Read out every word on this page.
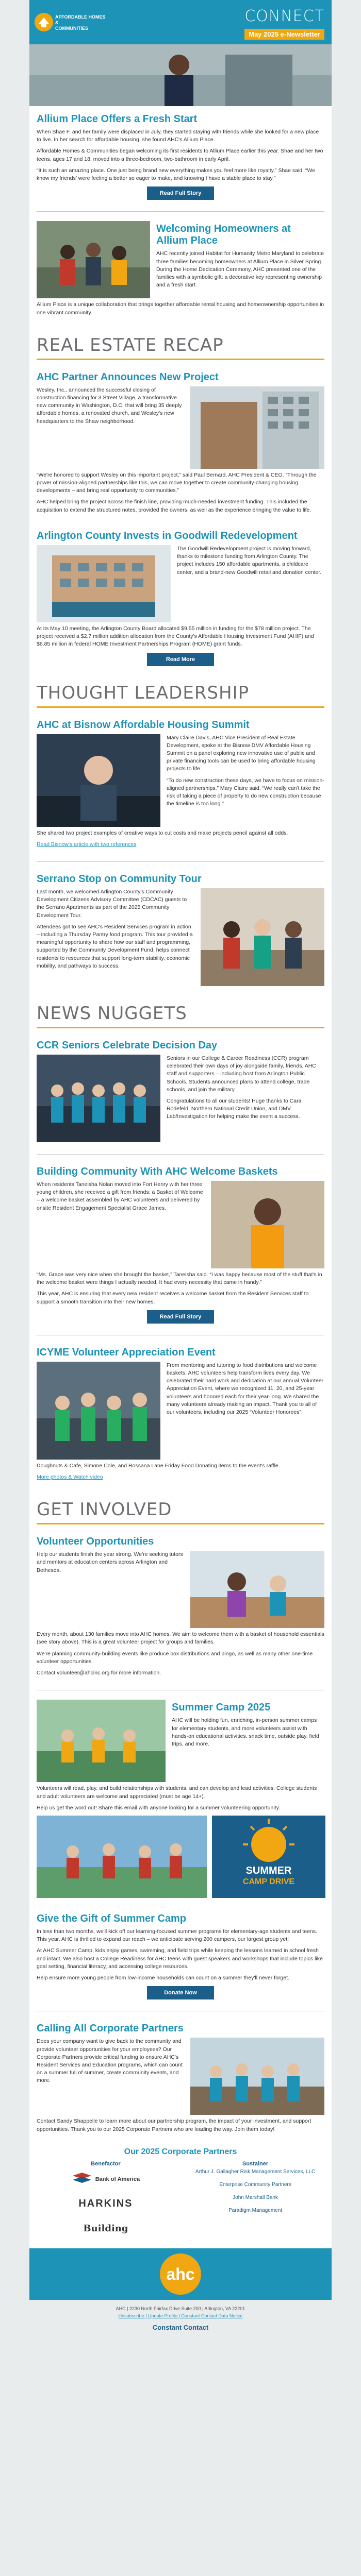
AFFORDABLE HOMES &
COMMUNITIES
CONNECT
May 2025 e-Newsletter
Allium Place Offers a Fresh Start

When Shae F. and her family were displaced in July, they started staying with friends while she looked for a new place to live. In her search for affordable housing, she found AHC's Allium Place.

Affordable Homes & Communities began welcoming its first residents to Allium Place earlier this year. Shae and her two teens, ages 17 and 18, moved into a three-bedroom, two-bathroom in early April.

“It is such an amazing place. One just being brand new everything makes you feel more like royalty,” Shae said. “We know my friends’ were feeling a better so eager to make, and knowing I have a stable place to stay.”

Read Full Story
Welcoming Homeowners at Allium Place

AHC recently joined Habitat for Humanity Metro Maryland to celebrate three families becoming homeowners at Allium Place in Silver Spring. During the Home Dedication Ceremony, AHC presented one of the families with a symbolic gift: a decorative key representing ownership and a fresh start.

Allium Place is a unique collaboration that brings together affordable rental housing and homeownership opportunities in one vibrant community.

REAL ESTATE RECAP
AHC Partner Announces New Project

Wesley, Inc., announced the successful closing of construction financing for 3 Street Village, a transformative new community in Washington, D.C. that will bring 35 deeply affordable homes, a renovated church, and Wesley's new headquarters to the Shaw neighborhood.

“We're honored to support Wesley on this important project,” said Paul Bernard, AHC President & CEO. “Through the power of mission-aligned partnerships like this, we can move together to create community-changing housing developments – and bring real opportunity to communities.”

AHC helped bring the project across the finish line, providing much-needed investment funding. This included the acquisition to extend the structured notes, provided the owners, as well as the experience bringing the value to life.

Arlington County Invests in Goodwill Redevelopment

The Goodwill Redevelopment project is moving forward, thanks to milestone funding from Arlington County. The project includes 150 affordable apartments, a childcare center, and a brand-new Goodwill retail and donation center.

At its May 10 meeting, the Arlington County Board allocated $9.55 million in funding for the $78 million project. The project received a $2.7 million addition allocation from the County's Affordable Housing Investment Fund (AHIF) and $6.85 million in federal HOME Investment Partnerships Program (HOME) grant funds.

Read More
THOUGHT LEADERSHIP
AHC at Bisnow Affordable Housing Summit

Mary Claire Davis, AHC Vice President of Real Estate Development, spoke at the Bisnow DMV Affordable Housing Summit on a panel exploring new innovative use of public and private financing tools can be used to bring affordable housing projects to life.

“To do new construction these days, we have to focus on mission-aligned partnerships,” Mary Claire said. “We really can't take the risk of taking a piece of property to do new construction because the timeline is too long.”

She shared two project examples of creative ways to cut costs and make projects pencil against all odds.

Read Bisnow's article with two references

Serrano Stop on Community Tour

Last month, we welcomed Arlington County's Community Development Citizens Advisory Committee (CDCAC) guests to the Serrano Apartments as part of the 2025 Community Development Tour.

Attendees got to see AHC's Resident Services program in action – including a Thursday Pantry food program. This tour provided a meaningful opportunity to share how our staff and programming, supported by the Community Development Fund, helps connect residents to resources that support long-term stability, economic mobility, and pathways to success.

NEWS NUGGETS
CCR Seniors Celebrate Decision Day

Seniors in our College & Career Readiness (CCR) program celebrated their own days of joy alongside family, friends, AHC staff and supporters – including host from Arlington Public Schools. Students announced plans to attend college, trade schools, and join the military.

Congratulations to all our students! Huge thanks to Cara Rodefeld, Northern National Credit Union, and DMV Lab/Investigation for helping make the event a success.

Building Community With AHC Welcome Baskets

When residents Taneisha Nolan moved into Fort Henry with her three young children, she received a gift from friends: a Basket of Welcome – a welcome basket assembled by AHC volunteers and delivered by onsite Resident Engagement Specialist Grace James.

“Ms. Grace was very nice when she brought the basket,” Taneisha said. “I was happy because most of the stuff that's in the welcome basket were things I actually needed. It had every necessity that came in handy.”

This year, AHC is ensuring that every new resident receives a welcome basket from the Resident Services staff to support a smooth transition into their new homes.

Read Full Story
ICYME Volunteer Appreciation Event

From mentoring and tutoring to food distributions and welcome baskets, AHC volunteers help transform lives every day. We celebrated their hard work and dedication at our annual Volunteer Appreciation Event, where we recognized 11, 20, and 25-year volunteers and honored each for their year-long. We shared the many volunteers already making an impact. Thank you to all of our volunteers, including our 2025 “Volunteer Honorees”:

Doughnuts & Cafe, Simone Cole, and Rossana Lane Friday Food Donating items to the event's raffle.

More photos & Watch video

GET INVOLVED
Volunteer Opportunities

Help our students finish the year strong. We're seeking tutors and mentors at education centers across Arlington and Bethesda.

Every month, about 130 families move into AHC homes. We aim to welcome them with a basket of household essentials (see story above). This is a great volunteer project for groups and families.

We're planning community-building events like produce box distributions and bingo, as well as many other one-time volunteer opportunities.

Contact volunteer@ahcinc.org for more information.

Summer Camp 2025

AHC will be holding fun, enriching, in-person summer camps for elementary students, and more volunteers assist with hands-on educational activities, snack time, outside play, field trips, and more.

Volunteers will read, play, and build relationships with students, and can develop and lead activities. College students and adult volunteers are welcome and appreciated (must be age 14+).

Help us get the word out! Share this email with anyone looking for a summer volunteering opportunity.

SUMMER
CAMP DRIVE
Give the Gift of Summer Camp

In less than two months, we'll kick off our learning-focused summer programs for elementary-age students and teens. This year, AHC is thrilled to expand our reach – we anticipate serving 200 campers, our largest group yet!

At AHC Summer Camp, kids enjoy games, swimming, and field trips while keeping the lessons learned in school fresh and intact. We also host a College Readiness for AHC teens with guest speakers and workshops that include topics like goal setting, financial literacy, and accessing college resources.

Help ensure more young people from low-income households can count on a summer they'll never forget.

Donate Now
Calling All Corporate Partners

Does your company want to give back to the community and provide volunteer opportunities for your employees? Our Corporate Partners provide critical funding to ensure AHC's Resident Services and Education programs, which can count on a summer full of summer, create community events, and more.

Contact Sandy Shappelle to learn more about our partnership program, the impact of your investment, and support opportunities. Thank you to our 2025 Corporate Partners who are leading the way. Join them today!

Our 2025 Corporate Partners
Benefactor
Bank of America
HARKINS
Building
Sustainer
Arthur J. Gallagher Risk Management Services, LLC
Enterprise Community Partners
John Marshall Bank
Paradigm Management
ahc
AHC | 2230 North Fairfax Drive Suite 200 | Arlington, VA 22201
Unsubscribe | Update Profile | Constant Contact Data Notice
Constant Contact
